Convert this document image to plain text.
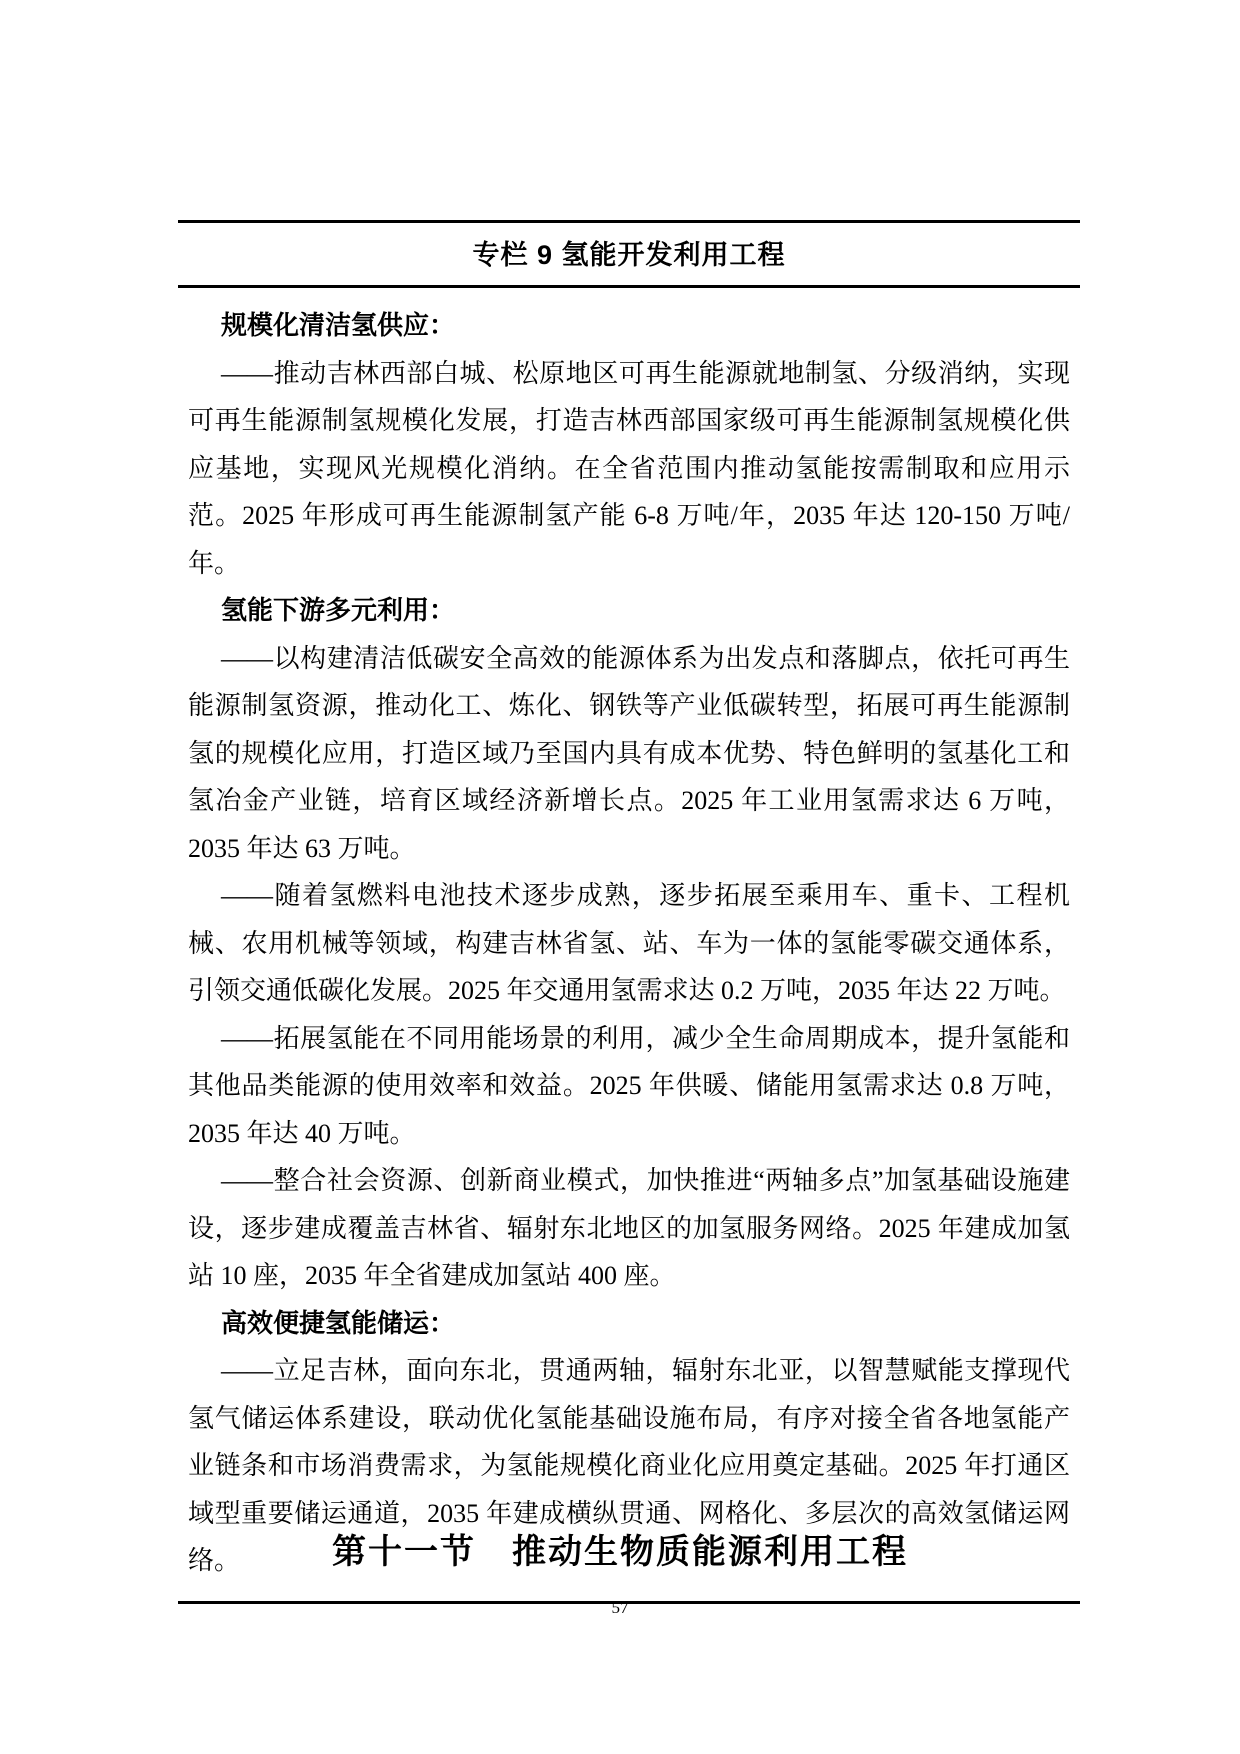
专栏 9 氢能开发利用工程

规模化清洁氢供应：

——推动吉林西部白城、松原地区可再生能源就地制氢、分级消纳，实现可再生能源制氢规模化发展，打造吉林西部国家级可再生能源制氢规模化供应基地，实现风光规模化消纳。在全省范围内推动氢能按需制取和应用示范。2025 年形成可再生能源制氢产能 6-8 万吨/年，2035 年达 120-150 万吨/年。

氢能下游多元利用：

——以构建清洁低碳安全高效的能源体系为出发点和落脚点，依托可再生能源制氢资源，推动化工、炼化、钢铁等产业低碳转型，拓展可再生能源制氢的规模化应用，打造区域乃至国内具有成本优势、特色鲜明的氢基化工和氢冶金产业链，培育区域经济新增长点。2025 年工业用氢需求达 6 万吨，2035 年达 63 万吨。

——随着氢燃料电池技术逐步成熟，逐步拓展至乘用车、重卡、工程机械、农用机械等领域，构建吉林省氢、站、车为一体的氢能零碳交通体系，引领交通低碳化发展。2025 年交通用氢需求达 0.2 万吨，2035 年达 22 万吨。

——拓展氢能在不同用能场景的利用，减少全生命周期成本，提升氢能和其他品类能源的使用效率和效益。2025 年供暖、储能用氢需求达 0.8 万吨，2035 年达 40 万吨。

——整合社会资源、创新商业模式，加快推进“两轴多点”加氢基础设施建设，逐步建成覆盖吉林省、辐射东北地区的加氢服务网络。2025 年建成加氢站 10 座，2035 年全省建成加氢站 400 座。

高效便捷氢能储运：

——立足吉林，面向东北，贯通两轴，辐射东北亚，以智慧赋能支撑现代氢气储运体系建设，联动优化氢能基础设施布局，有序对接全省各地氢能产业链条和市场消费需求，为氢能规模化商业化应用奠定基础。2025 年打通区域型重要储运通道，2035 年建成横纵贯通、网格化、多层次的高效氢储运网络。	第十一节　推动生物质能源利用工程
57
